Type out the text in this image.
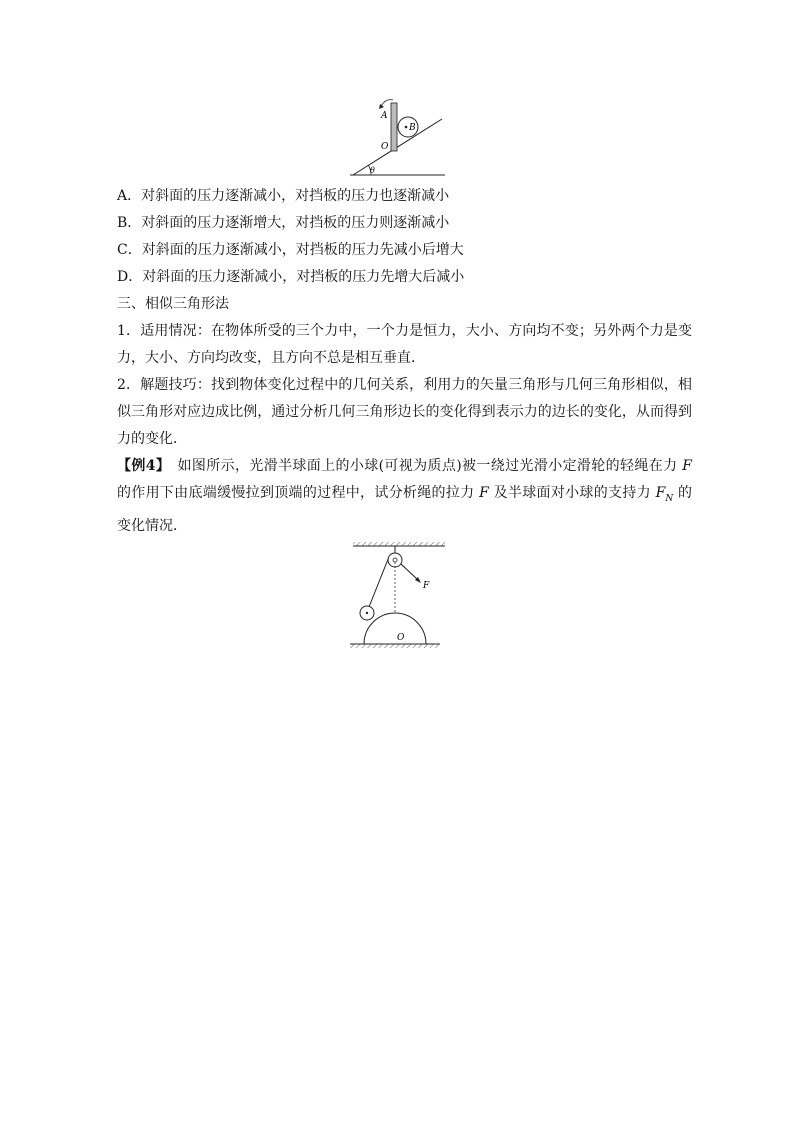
A
B
O
θ
A．对斜面的压力逐渐减小，对挡板的压力也逐渐减小
B．对斜面的压力逐渐增大，对挡板的压力则逐渐减小
C．对斜面的压力逐渐减小，对挡板的压力先减小后增大
D．对斜面的压力逐渐减小，对挡板的压力先增大后减小
三、相似三角形法
1．适用情况：在物体所受的三个力中，一个力是恒力，大小、方向均不变；另外两个力是变力，大小、方向均改变，且方向不总是相互垂直．
2．解题技巧：找到物体变化过程中的几何关系，利用力的矢量三角形与几何三角形相似，相似三角形对应边成比例，通过分析几何三角形边长的变化得到表示力的边长的变化，从而得到力的变化．
【例4】　如图所示，光滑半球面上的小球(可视为质点)被一绕过光滑小定滑轮的轻绳在力 F 的作用下由底端缓慢拉到顶端的过程中，试分析绳的拉力 F 及半球面对小球的支持力 $F_N$ 的变化情况．
F
O
